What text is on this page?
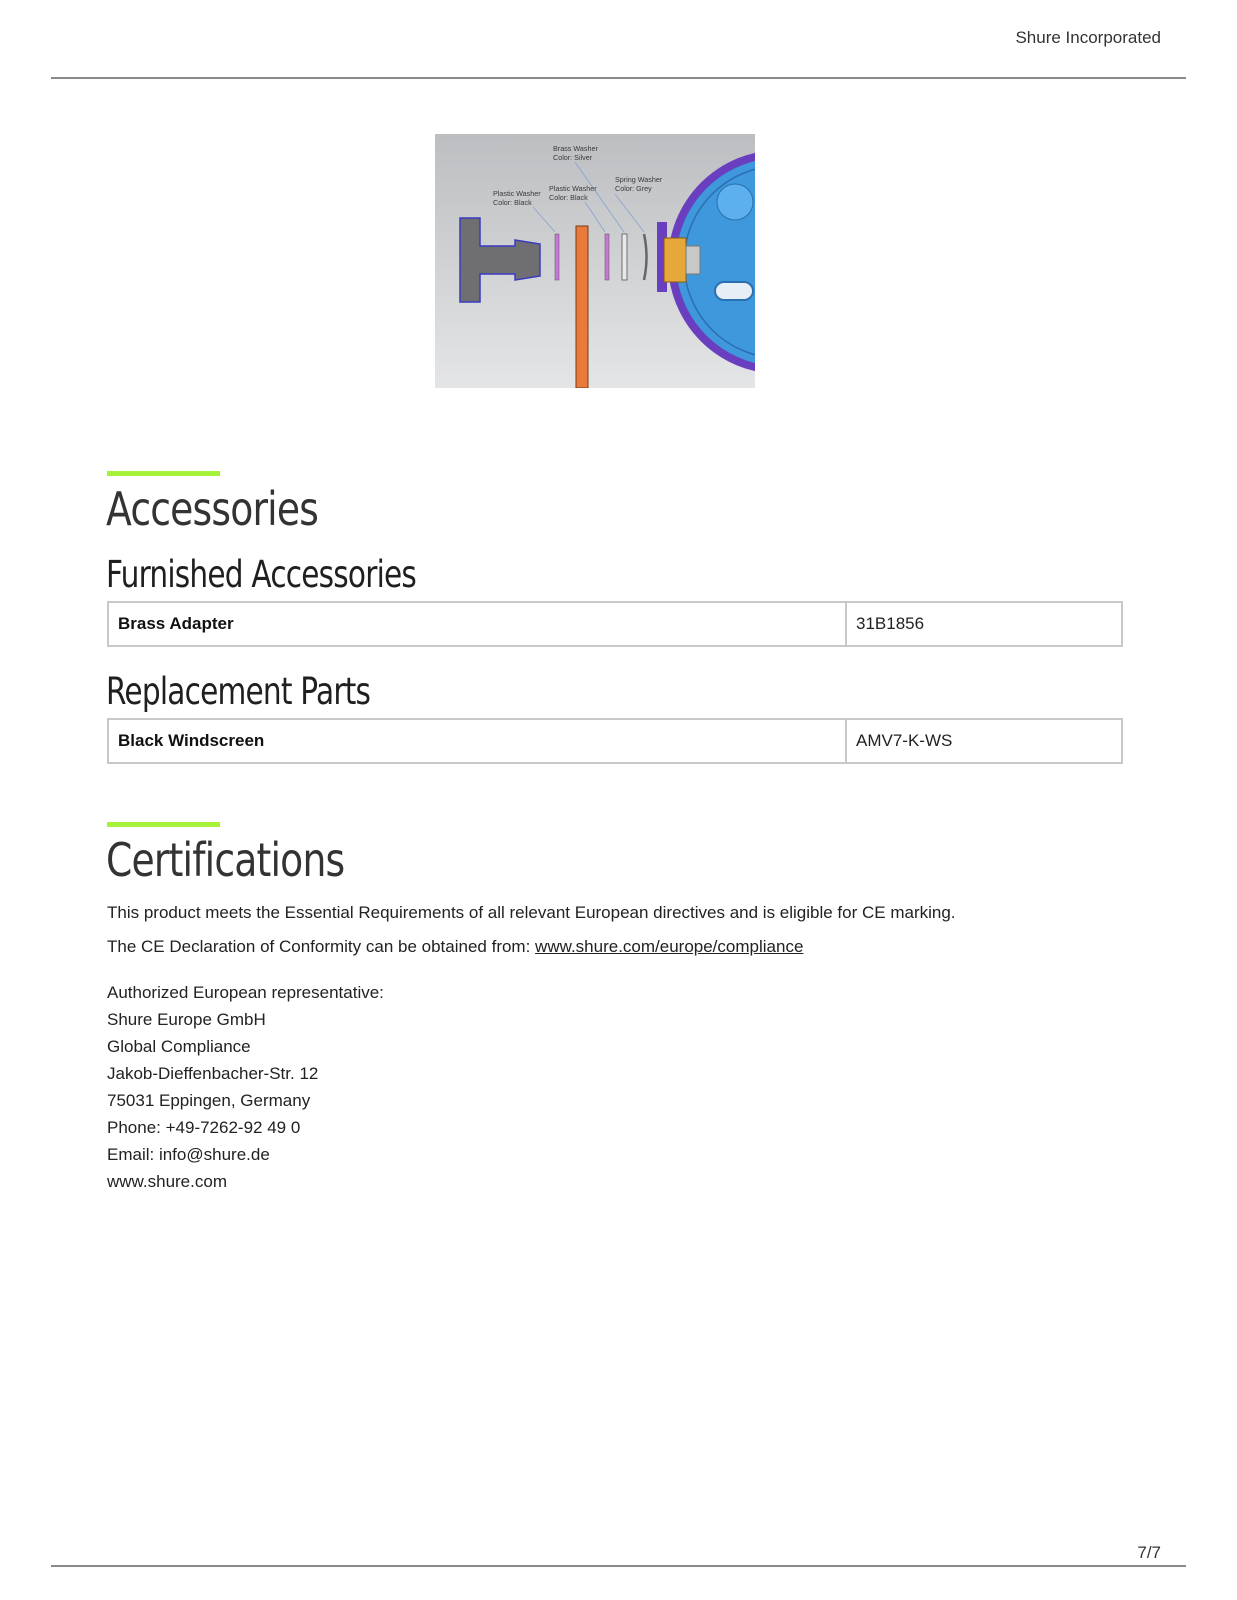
Shure Incorporated
Brass Washer
Color: Silver
Spring Washer
Color: Grey
Plastic Washer
Color: Black
Plastic Washer
Color: Black
Accessories
Furnished Accessories
Brass Adapter	31B1856
Replacement Parts
Black Windscreen	AMV7-K-WS
Certifications

This product meets the Essential Requirements of all relevant European directives and is eligible for CE marking.

The CE Declaration of Conformity can be obtained from: www.shure.com/europe/compliance

Authorized European representative:
Shure Europe GmbH
Global Compliance
Jakob-Dieffenbacher-Str. 12
75031 Eppingen, Germany
Phone: +49-7262-92 49 0
Email: info@shure.de
www.shure.com
7/7
